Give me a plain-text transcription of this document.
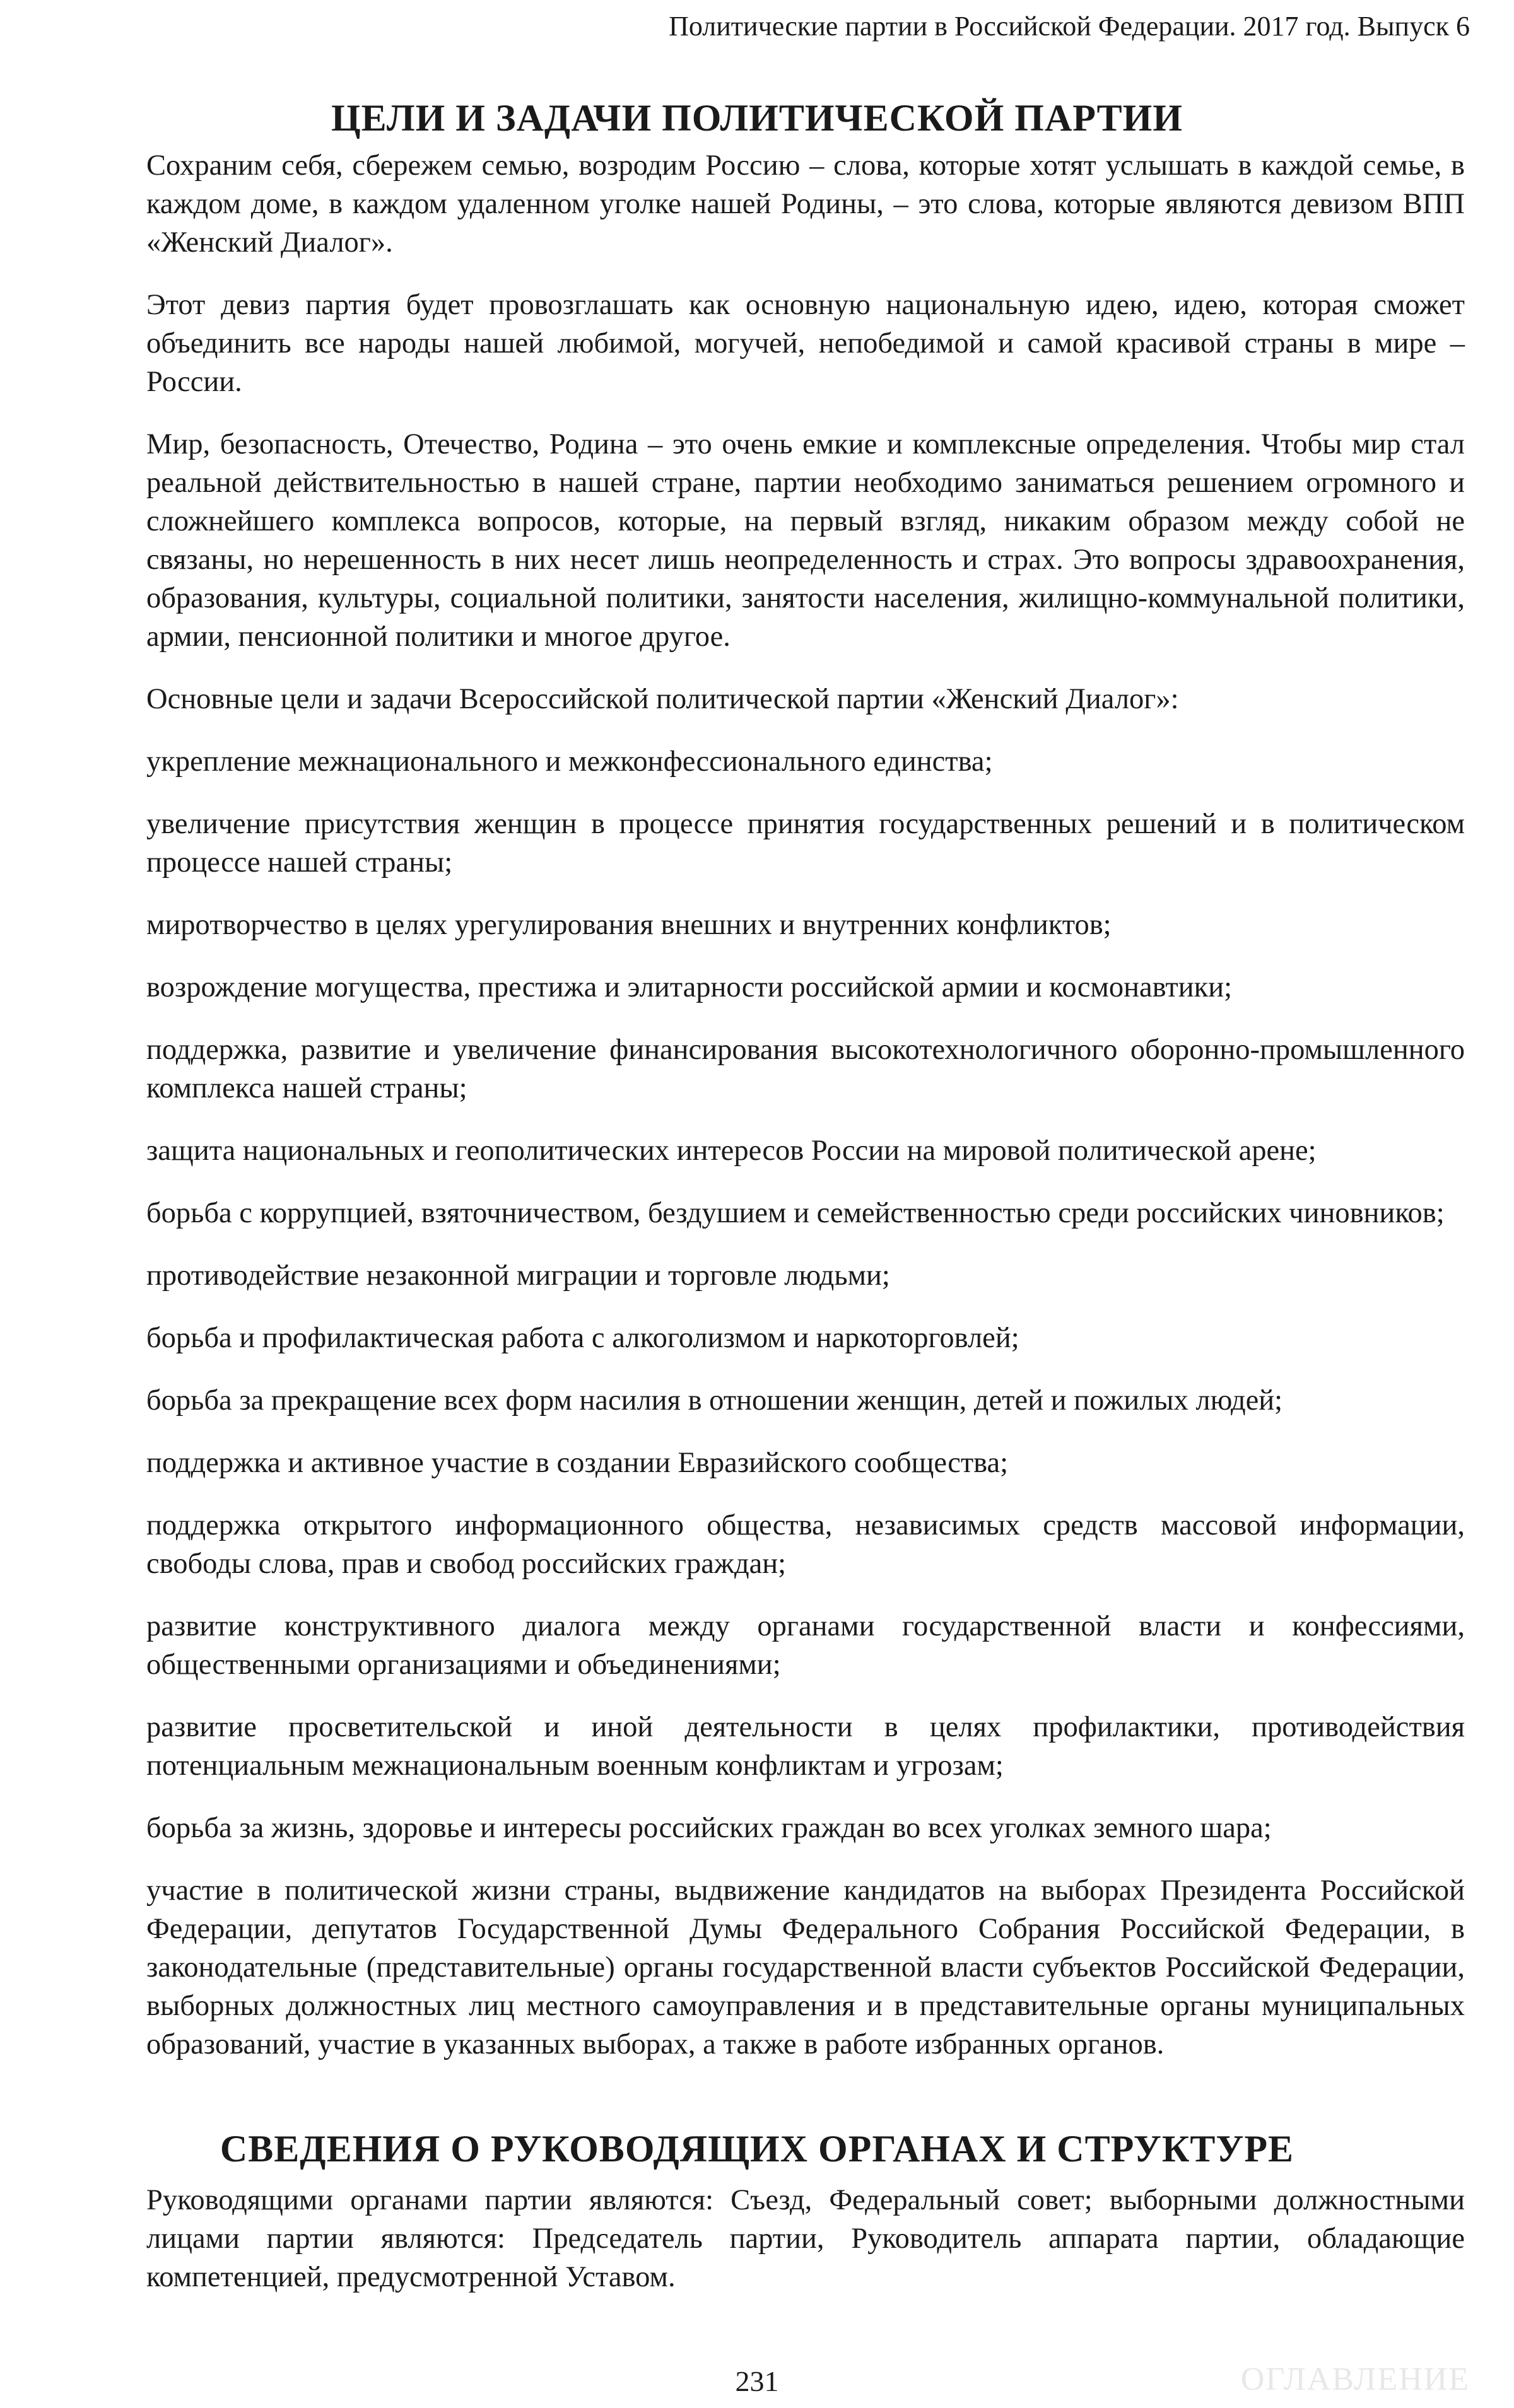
Политические партии в Российской Федерации. 2017 год. Выпуск 6
ЦЕЛИ И ЗАДАЧИ ПОЛИТИЧЕСКОЙ ПАРТИИ

Сохраним себя, сбережем семью, возродим Россию – слова, которые хотят услышать в каждой семье, в каждом доме, в каждом удаленном уголке нашей Родины, – это слова, которые являются девизом ВПП «Женский Диалог».

Этот девиз партия будет провозглашать как основную национальную идею, идею, которая сможет объединить все народы нашей любимой, могучей, непобедимой и самой красивой страны в мире – России.

Мир, безопасность, Отечество, Родина – это очень емкие и комплексные определения. Чтобы мир стал реальной действительностью в нашей стране, партии необходимо заниматься решением огромного и сложнейшего комплекса вопросов, которые, на первый взгляд, никаким образом между собой не связаны, но нерешенность в них несет лишь неопределенность и страх. Это вопросы здравоохранения, образования, культуры, социальной политики, занятости населения, жилищно-коммунальной политики, армии, пенсионной политики и многое другое.

Основные цели и задачи Всероссийской политической партии «Женский Диалог»:

укрепление межнационального и межконфессионального единства;

увеличение присутствия женщин в процессе принятия государственных решений и в политическом процессе нашей страны;

миротворчество в целях урегулирования внешних и внутренних конфликтов;

возрождение могущества, престижа и элитарности российской армии и космонавтики;

поддержка, развитие и увеличение финансирования высокотехнологичного оборонно-промышленного комплекса нашей страны;

защита национальных и геополитических интересов России на мировой политической арене;

борьба с коррупцией, взяточничеством, бездушием и семейственностью среди российских чиновников;

противодействие незаконной миграции и торговле людьми;

борьба и профилактическая работа с алкоголизмом и наркоторговлей;

борьба за прекращение всех форм насилия в отношении женщин, детей и пожилых людей;

поддержка и активное участие в создании Евразийского сообщества;

поддержка открытого информационного общества, независимых средств массовой информации, свободы слова, прав и свобод российских граждан;

развитие конструктивного диалога между органами государственной власти и конфессиями, общественными организациями и объединениями;

развитие просветительской и иной деятельности в целях профилактики, противодействия потенциальным межнациональным военным конфликтам и угрозам;

борьба за жизнь, здоровье и интересы российских граждан во всех уголках земного шара;

участие в политической жизни страны, выдвижение кандидатов на выборах Президента Российской Федерации, депутатов Государственной Думы Федерального Собрания Российской Федерации, в законодательные (представительные) органы государственной власти субъектов Российской Федерации, выборных должностных лиц местного самоуправления и в представительные органы муниципальных образований, участие в указанных выборах, а также в работе избранных органов.

СВЕДЕНИЯ О РУКОВОДЯЩИХ ОРГАНАХ И СТРУКТУРЕ

Руководящими органами партии являются: Съезд, Федеральный совет; выборными должностными лицами партии являются: Председатель партии, Руководитель аппарата партии, обладающие компетенцией, предусмотренной Уставом.

231	ОГЛАВЛЕНИЕ
